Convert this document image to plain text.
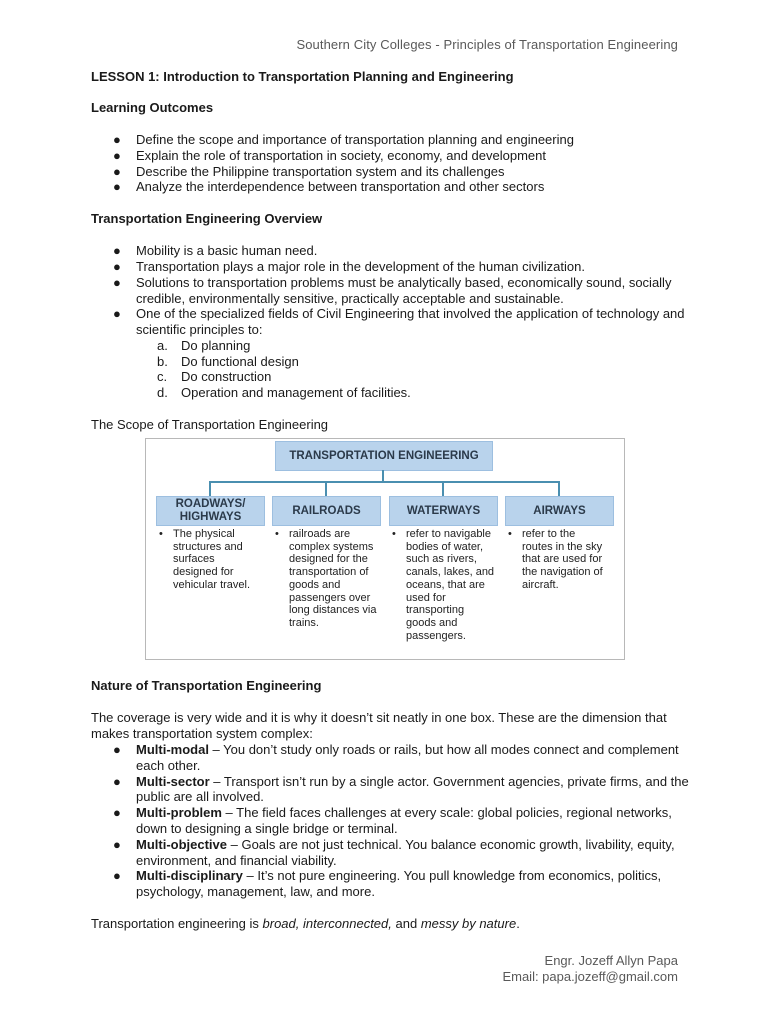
Southern City Colleges - Principles of Transportation Engineering
LESSON 1: Introduction to Transportation Planning and Engineering
Learning Outcomes
● Define the scope and importance of transportation planning and engineering
● Explain the role of transportation in society, economy, and development
● Describe the Philippine transportation system and its challenges
● Analyze the interdependence between transportation and other sectors
Transportation Engineering Overview
● Mobility is a basic human need.
● Transportation plays a major role in the development of the human civilization.
● Solutions to transportation problems must be analytically based, economically sound, socially credible, environmentally sensitive, practically acceptable and sustainable.
● One of the specialized fields of Civil Engineering that involved the application of technology and scientific principles to:
a. Do planning
b. Do functional design
c. Do construction
d. Operation and management of facilities.

The Scope of Transportation Engineering

TRANSPORTATION ENGINEERING
ROADWAYS/ HIGHWAYS
RAILROADS	WATERWAYS	AIRWAYS
• The physical structures and surfaces designed for vehicular travel.
• railroads are complex systems designed for the transportation of goods and passengers over long distances via trains.
• refer to navigable bodies of water, such as rivers, canals, lakes, and oceans, that are used for transporting goods and passengers.
• refer to the routes in the sky that are used for the navigation of aircraft.
Nature of Transportation Engineering

The coverage is very wide and it is why it doesn’t sit neatly in one box. These are the dimension that makes transportation system complex:

● Multi-modal – You don’t study only roads or rails, but how all modes connect and complement each other.
● Multi-sector – Transport isn’t run by a single actor. Government agencies, private firms, and the public are all involved.
● Multi-problem – The field faces challenges at every scale: global policies, regional networks, down to designing a single bridge or terminal.
● Multi-objective – Goals are not just technical. You balance economic growth, livability, equity, environment, and financial viability.
● Multi-disciplinary – It’s not pure engineering. You pull knowledge from economics, politics, psychology, management, law, and more.

Transportation engineering is broad, interconnected, and messy by nature.

Engr. Jozeff Allyn Papa
Email: papa.jozeff@gmail.com
